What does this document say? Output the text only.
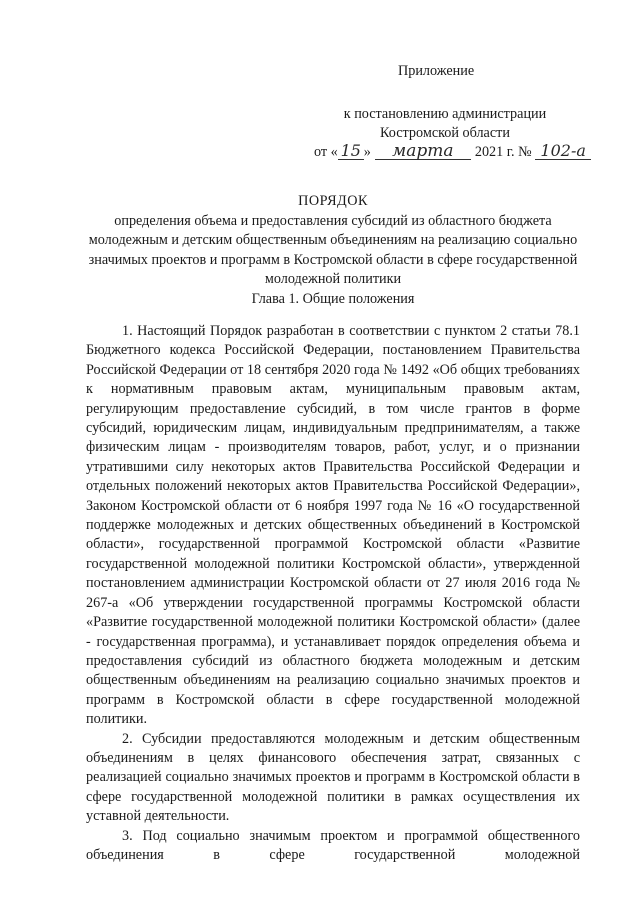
Приложение
к постановлению администрации
Костромской области
от « 15 » марта 2021 г. № 102-а
ПОРЯДОК
определения объема и предоставления субсидий из областного бюджета молодежным и детским общественным объединениям на реализацию социально значимых проектов и программ в Костромской области в сфере государственной молодежной политики
Глава 1. Общие положения

1. Настоящий Порядок разработан в соответствии с пунктом 2 статьи 78.1 Бюджетного кодекса Российской Федерации, постановлением Правительства Российской Федерации от 18 сентября 2020 года № 1492 «Об общих требованиях к нормативным правовым актам, муниципальным правовым актам, регулирующим предоставление субсидий, в том числе грантов в форме субсидий, юридическим лицам, индивидуальным предпринимателям, а также физическим лицам - производителям товаров, работ, услуг, и о признании утратившими силу некоторых актов Правительства Российской Федерации и отдельных положений некоторых актов Правительства Российской Федерации», Законом Костромской области от 6 ноября 1997 года № 16 «О государственной поддержке молодежных и детских общественных объединений в Костромской области», государственной программой Костромской области «Развитие государственной молодежной политики Костромской области», утвержденной постановлением администрации Костромской области от 27 июля 2016 года № 267-а «Об утверждении государственной программы Костромской области «Развитие государственной молодежной политики Костромской области» (далее - государственная программа), и устанавливает порядок определения объема и предоставления субсидий из областного бюджета молодежным и детским общественным объединениям на реализацию социально значимых проектов и программ в Костромской области в сфере государственной молодежной политики.

2. Субсидии предоставляются молодежным и детским общественным объединениям в целях финансового обеспечения затрат, связанных с реализацией социально значимых проектов и программ в Костромской области в сфере государственной молодежной политики в рамках осуществления их уставной деятельности.

3. Под социально значимым проектом и программой общественного объединения в сфере государственной молодежной
